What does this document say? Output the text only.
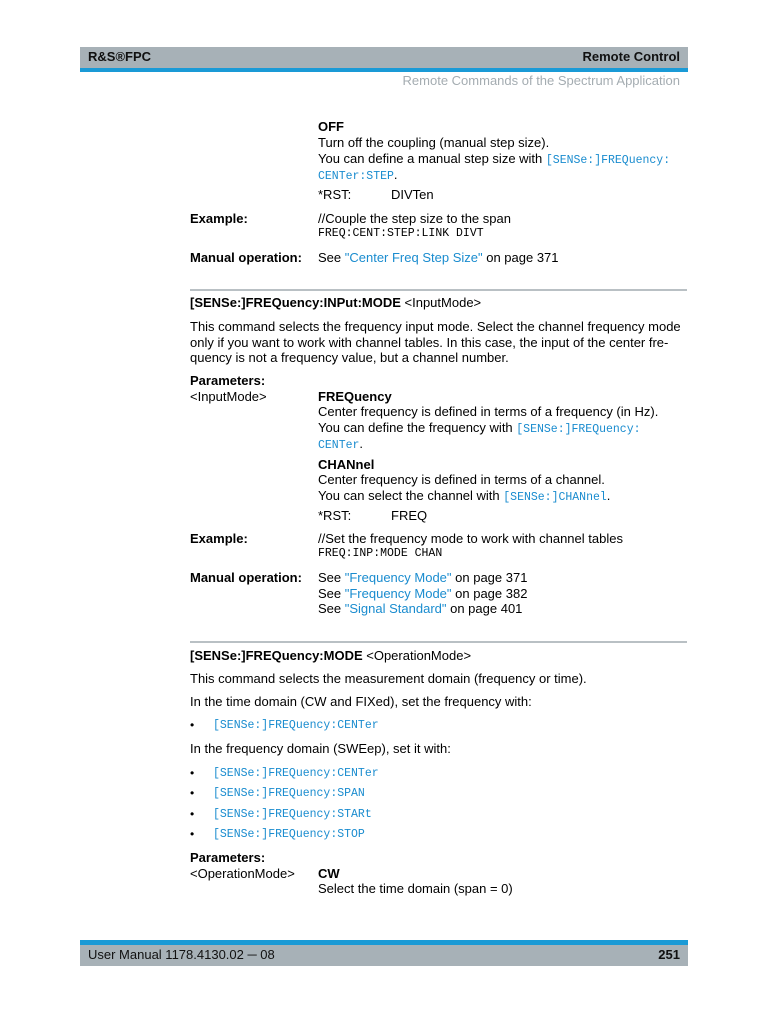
R&S®FPC	Remote Control
Remote Commands of the Spectrum Application
OFF
Turn off the coupling (manual step size).
You can define a manual step size with [SENSe:]FREQuency:
CENTer:STEP.
*RST:	DIVTen
Example:	//Couple the step size to the span
FREQ:CENT:STEP:LINK DIVT
Manual operation: See "Center Freq Step Size" on page 371
[SENSe:]FREQuency:INPut:MODE <InputMode>
This command selects the frequency input mode. Select the channel frequency mode
only if you want to work with channel tables. In this case, the input of the center fre-
quency is not a frequency value, but a channel number.
Parameters:
<InputMode>	FREQuency
Center frequency is defined in terms of a frequency (in Hz).
You can define the frequency with [SENSe:]FREQuency:
CENTer.
CHANnel
Center frequency is defined in terms of a channel.
You can select the channel with [SENSe:]CHANnel.
*RST:	FREQ
Example:	//Set the frequency mode to work with channel tables
FREQ:INP:MODE CHAN
Manual operation: See "Frequency Mode" on page 371
See "Frequency Mode" on page 382
See "Signal Standard" on page 401
[SENSe:]FREQuency:MODE <OperationMode>
This command selects the measurement domain (frequency or time).
In the time domain (CW and FIXed), set the frequency with:
• [SENSe:]FREQuency:CENTer
In the frequency domain (SWEep), set it with:
• [SENSe:]FREQuency:CENTer
• [SENSe:]FREQuency:SPAN
• [SENSe:]FREQuency:STARt
• [SENSe:]FREQuency:STOP
Parameters:
<OperationMode> CW
Select the time domain (span = 0)
User Manual 1178.4130.02 ─ 08	251
